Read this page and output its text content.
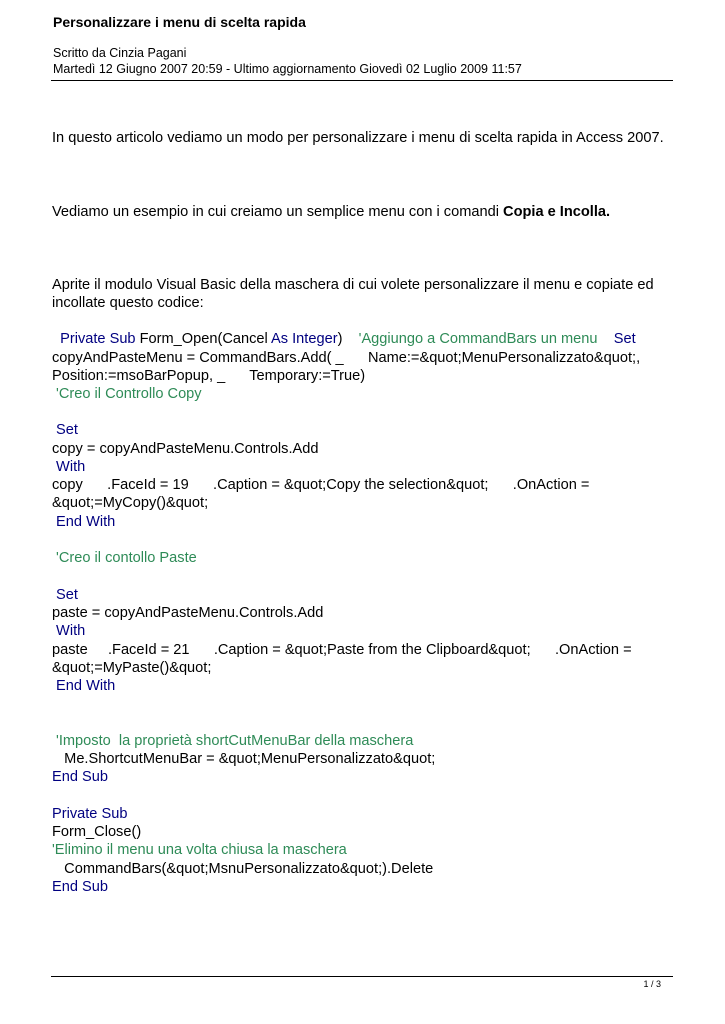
Personalizzare i menu di scelta rapida
Scritto da Cinzia Pagani
Martedì 12 Giugno 2007 20:59 - Ultimo aggiornamento Giovedì 02 Luglio 2009 11:57
In questo articolo vediamo un modo per personalizzare i menu di scelta rapida in Access 2007.
Vediamo un esempio in cui creiamo un semplice menu con i comandi Copia e Incolla.
Aprite il modulo Visual Basic della maschera di cui volete personalizzare il menu e copiate ed incollate questo codice:
Private Sub Form_Open(Cancel As Integer)    'Aggiungo a CommandBars un menu    Set
copyAndPasteMenu = CommandBars.Add( _      Name:=&quot;MenuPersonalizzato&quot;,
Position:=msoBarPopup, _      Temporary:=True)
'Creo il Controllo Copy
Set
copy = copyAndPasteMenu.Controls.Add
With
copy      .FaceId = 19      .Caption = &quot;Copy the selection&quot;      .OnAction =
&quot;=MyCopy()&quot;
End With
'Creo il contollo Paste
Set
paste = copyAndPasteMenu.Controls.Add
With
paste     .FaceId = 21      .Caption = &quot;Paste from the Clipboard&quot;      .OnAction =
&quot;=MyPaste()&quot;
End With
'Imposto  la proprietà shortCutMenuBar della maschera
Me.ShortcutMenuBar = &quot;MenuPersonalizzato&quot;
End Sub
Private Sub
Form_Close()
'Elimino il menu una volta chiusa la maschera
CommandBars(&quot;MsnuPersonalizzato&quot;).Delete
End Sub
1 / 3
